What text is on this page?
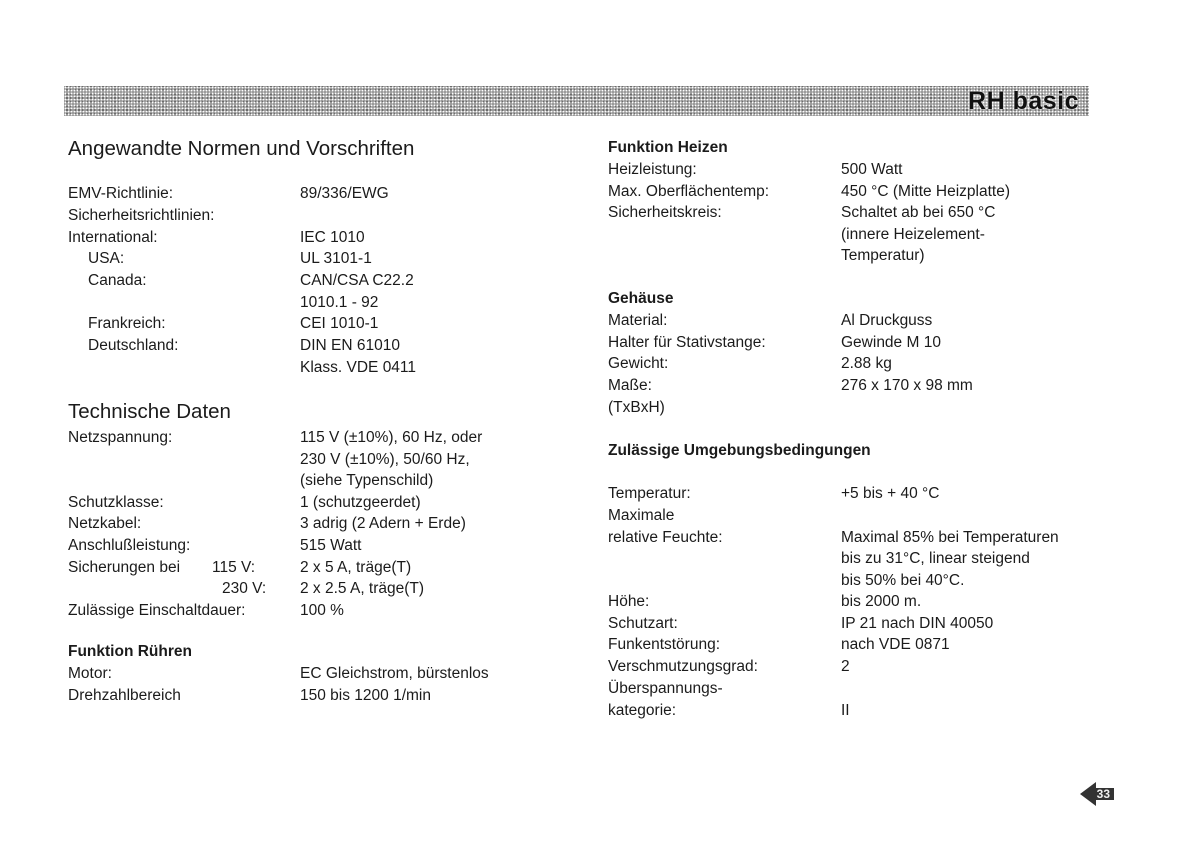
RH basic
Angewandte Normen und Vorschriften
EMV-Richtlinie:	89/336/EWG
Sicherheitsrichtlinien:
International:	IEC 1010
USA:	UL 3101-1
Canada:	CAN/CSA C22.2
1010.1 - 92
Frankreich:	CEI 1010-1
Deutschland:	DIN EN 61010
Klass. VDE 0411
Technische Daten
Netzspannung:	115 V (±10%), 60 Hz, oder
230 V (±10%), 50/60 Hz,
(siehe Typenschild)
Schutzklasse:	1 (schutzgeerdet)
Netzkabel:	3 adrig (2 Adern + Erde)
Anschlußleistung:	515 Watt
Sicherungen bei 115 V:	2 x 5 A, träge(T)
230 V: 2 x 2.5 A, träge(T)
Zulässige Einschaltdauer:	100 %
Funktion Rühren
Motor:	EC Gleichstrom, bürstenlos
Drehzahlbereich	150 bis 1200 1/min
Funktion Heizen
Heizleistung:	500 Watt
Max. Oberflächentemp:	450 °C (Mitte Heizplatte)
Sicherheitskreis:	Schaltet ab bei 650 °C
(innere Heizelement-
Temperatur)
Gehäuse
Material:	Al Druckguss
Halter für Stativstange:	Gewinde M 10
Gewicht:	2.88 kg
Maße:	276 x 170 x 98 mm
(TxBxH)
Zulässige Umgebungsbedingungen
Temperatur:	+5 bis + 40 °C
Maximale
relative Feuchte:	Maximal 85% bei Temperaturen
bis zu 31°C, linear steigend
bis 50% bei 40°C.
Höhe:	bis 2000 m.
Schutzart:	IP 21 nach DIN 40050
Funkentstörung:	nach VDE 0871
Verschmutzungsgrad:	2
Überspannungs-
kategorie:	II
33
